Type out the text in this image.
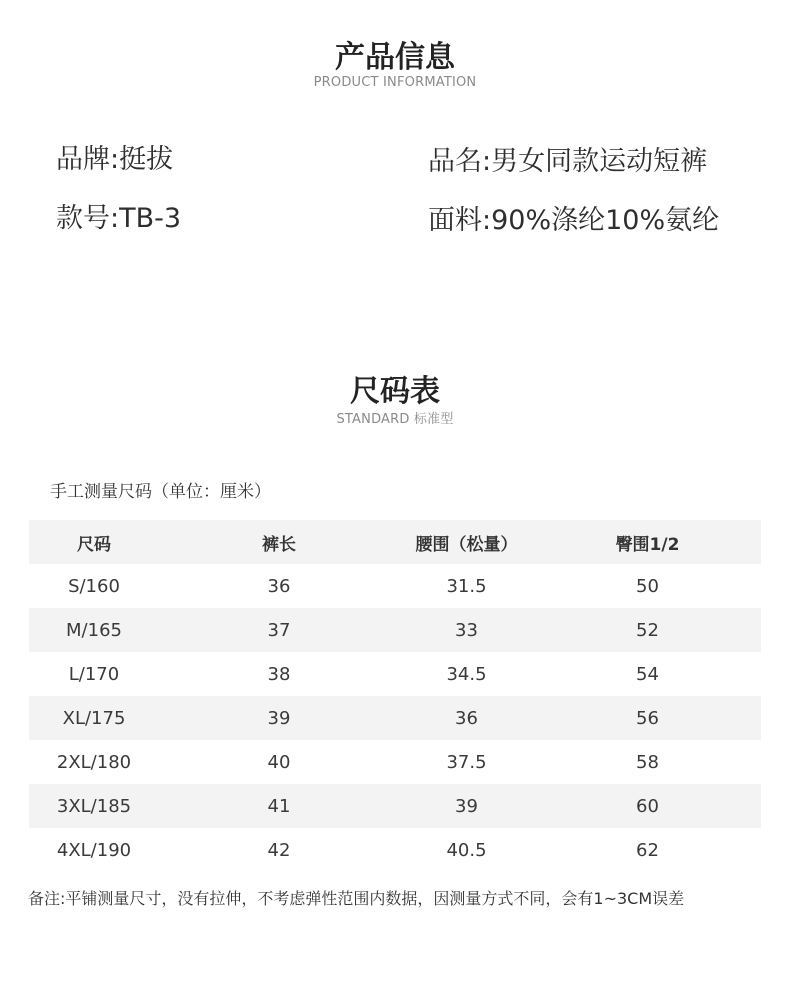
产品信息
PRODUCT INFORMATION
品牌:挺拔
款号:TB-3
品名:男女同款运动短裤
面料:90%涤纶10%氨纶
尺码表
STANDARD 标准型
手工测量尺码（单位：厘米）
尺码	裤长	腰围（松量）	臀围1/2
S/160	36	31.5	50
M/165	37	33	52
L/170	38	34.5	54
XL/175	39	36	56
2XL/180	40	37.5	58
3XL/185	41	39	60
4XL/190	42	40.5	62
备注:平铺测量尺寸，没有拉伸，不考虑弹性范围内数据，因测量方式不同，会有1~3CM误差
